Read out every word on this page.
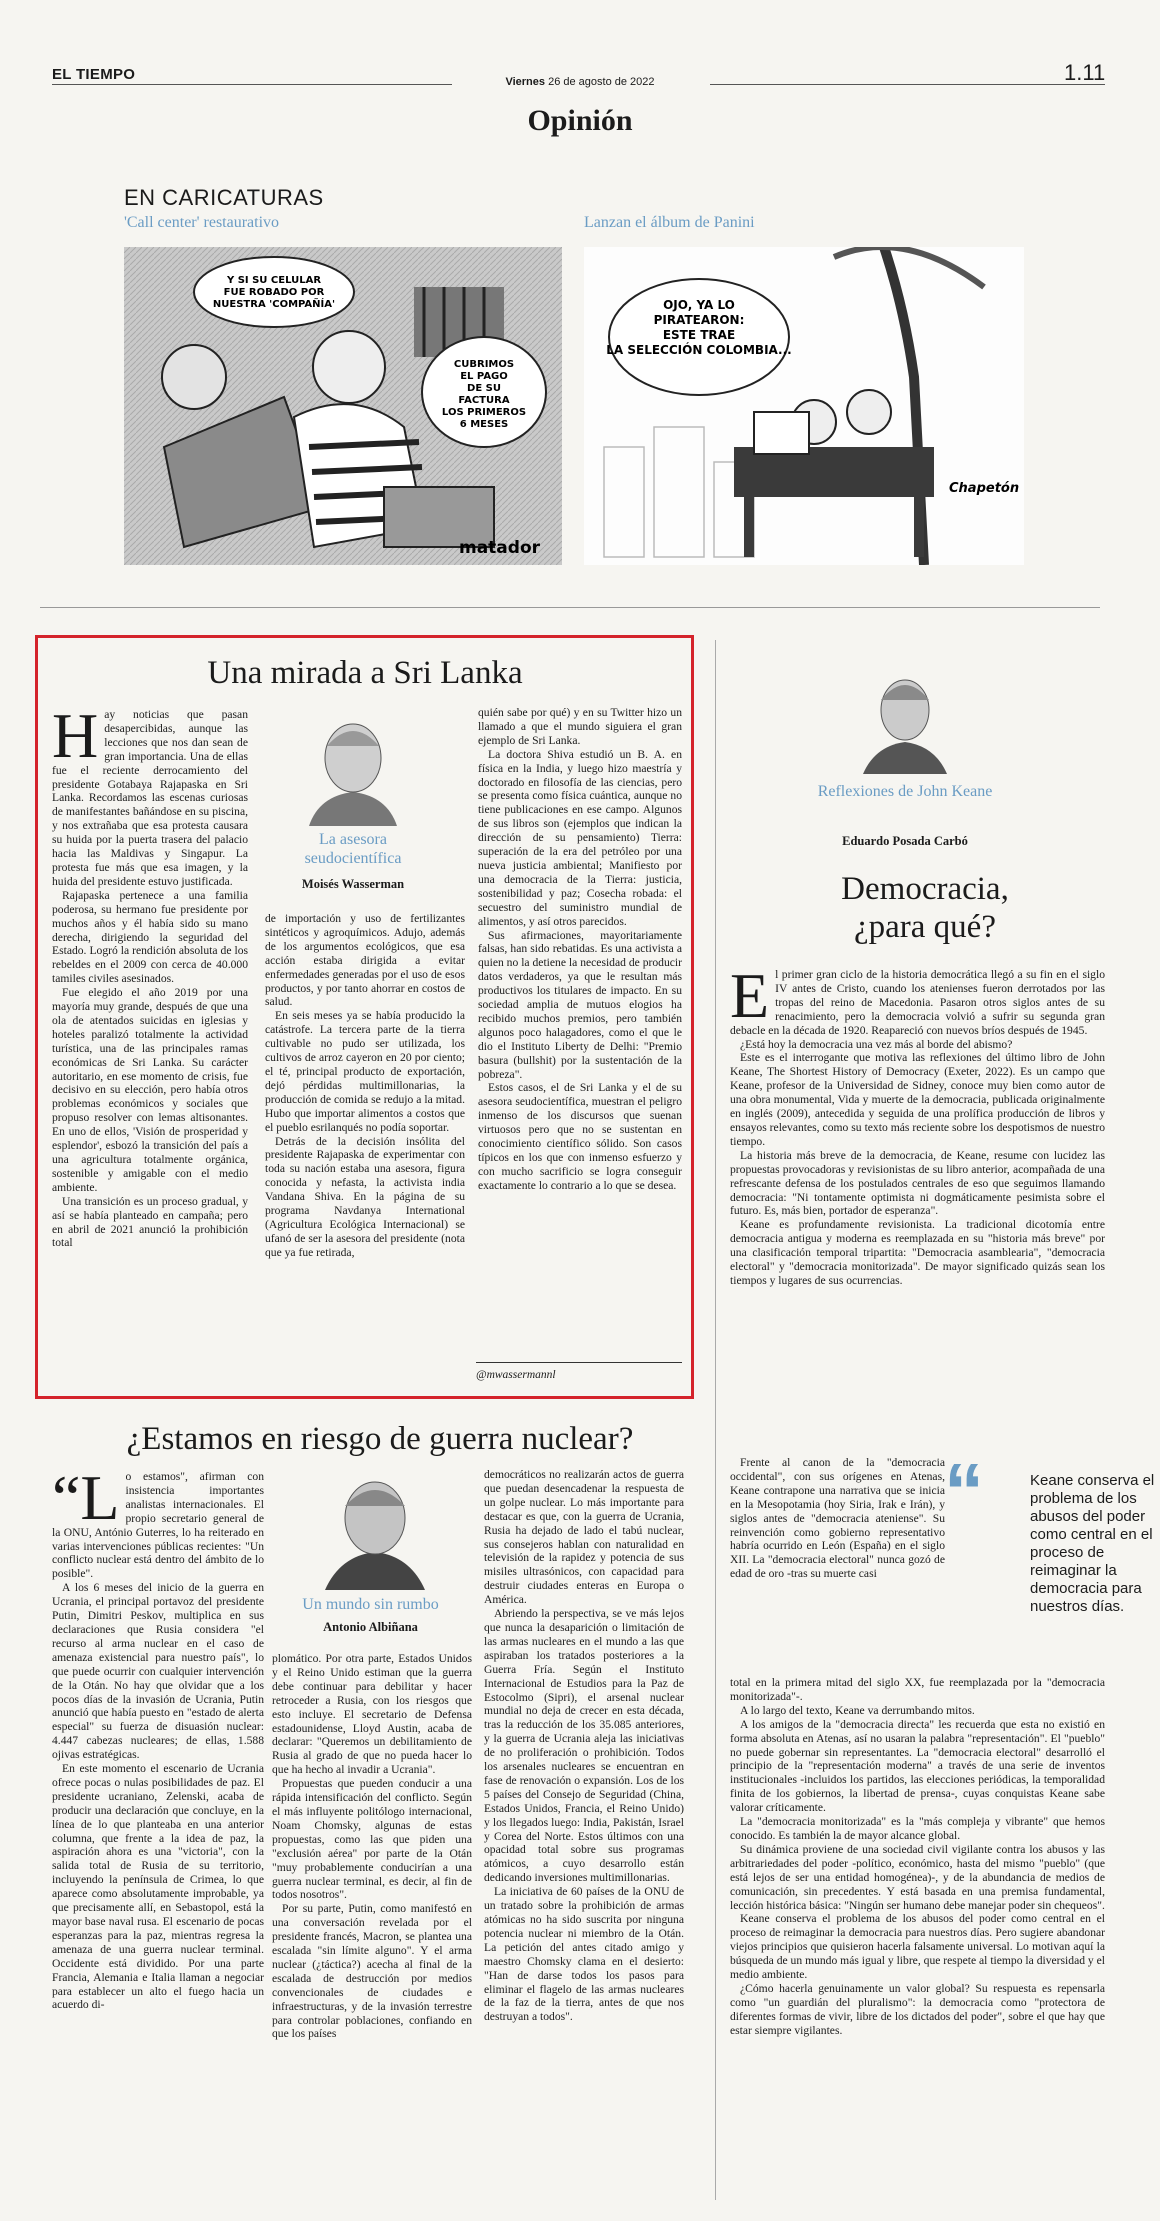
EL TIEMPO	Viernes 26 de agosto de 2022	1.11
Opinión
EN CARICATURAS
'Call center' restaurativo	Lanzan el álbum de Panini
Y SI SU CELULAR FUE ROBADO POR NUESTRA 'COMPAÑÍA'
CUBRIMOS EL PAGO DE SU FACTURA LOS PRIMEROS 6 MESES
matador
OJO, YA LO PIRATEARON: ESTE TRAE LA SELECCIÓN COLOMBIA...
Chapetón
Una mirada a Sri Lanka

Hay noticias que pasan desapercibidas, aunque las lecciones que nos dan sean de gran importancia. Una de ellas fue el reciente derrocamiento del presidente Gotabaya Rajapaska en Sri Lanka. Recordamos las escenas curiosas de manifestantes bañándose en su piscina, y nos extrañaba que esa protesta causara su huida por la puerta trasera del palacio hacia las Maldivas y Singapur. La protesta fue más que esa imagen, y la huida del presidente estuvo justificada.

Rajapaska pertenece a una familia poderosa, su hermano fue presidente por muchos años y él había sido su mano derecha, dirigiendo la seguridad del Estado. Logró la rendición absoluta de los rebeldes en el 2009 con cerca de 40.000 tamiles civiles asesinados.

Fue elegido el año 2019 por una mayoría muy grande, después de que una ola de atentados suicidas en iglesias y hoteles paralizó totalmente la actividad turística, una de las principales ramas económicas de Sri Lanka. Su carácter autoritario, en ese momento de crisis, fue decisivo en su elección, pero había otros problemas económicos y sociales que propuso resolver con lemas altisonantes. En uno de ellos, 'Visión de prosperidad y esplendor', esbozó la transición del país a una agricultura totalmente orgánica, sostenible y amigable con el medio ambiente.

Una transición es un proceso gradual, y así se había planteado en campaña; pero en abril de 2021 anunció la prohibición total

La asesora seudocientífica
Moisés Wasserman

de importación y uso de fertilizantes sintéticos y agroquímicos. Adujo, además de los argumentos ecológicos, que esa acción estaba dirigida a evitar enfermedades generadas por el uso de esos productos, y por tanto ahorrar en costos de salud.

En seis meses ya se había producido la catástrofe. La tercera parte de la tierra cultivable no pudo ser utilizada, los cultivos de arroz cayeron en 20 por ciento; el té, principal producto de exportación, dejó pérdidas multimillonarias, la producción de comida se redujo a la mitad. Hubo que importar alimentos a costos que el pueblo esrilanqués no podía soportar.

Detrás de la decisión insólita del presidente Rajapaska de experimentar con toda su nación estaba una asesora, figura conocida y nefasta, la activista india Vandana Shiva. En la página de su programa Navdanya International (Agricultura Ecológica Internacional) se ufanó de ser la asesora del presidente (nota que ya fue retirada,

quién sabe por qué) y en su Twitter hizo un llamado a que el mundo siguiera el gran ejemplo de Sri Lanka.

La doctora Shiva estudió un B. A. en física en la India, y luego hizo maestría y doctorado en filosofía de las ciencias, pero se presenta como física cuántica, aunque no tiene publicaciones en ese campo. Algunos de sus libros son (ejemplos que indican la dirección de su pensamiento) Tierra: superación de la era del petróleo por una nueva justicia ambiental; Manifiesto por una democracia de la Tierra: justicia, sostenibilidad y paz; Cosecha robada: el secuestro del suministro mundial de alimentos, y así otros parecidos.

Sus afirmaciones, mayoritariamente falsas, han sido rebatidas. Es una activista a quien no la detiene la necesidad de producir datos verdaderos, ya que le resultan más productivos los titulares de impacto. En su sociedad amplia de mutuos elogios ha recibido muchos premios, pero también algunos poco halagadores, como el que le dio el Instituto Liberty de Delhi: "Premio basura (bullshit) por la sustentación de la pobreza".

Estos casos, el de Sri Lanka y el de su asesora seudocientífica, muestran el peligro inmenso de los discursos que suenan virtuosos pero que no se sustentan en conocimiento científico sólido. Son casos típicos en los que con inmenso esfuerzo y con mucho sacrificio se logra conseguir exactamente lo contrario a lo que se desea.

@mwassermannl
¿Estamos en riesgo de guerra nuclear?

“Lo estamos", afirman con insistencia importantes analistas internacionales. El propio secretario general de la ONU, António Guterres, lo ha reiterado en varias intervenciones públicas recientes: "Un conflicto nuclear está dentro del ámbito de lo posible".

A los 6 meses del inicio de la guerra en Ucrania, el principal portavoz del presidente Putin, Dimitri Peskov, multiplica en sus declaraciones que Rusia considera "el recurso al arma nuclear en el caso de amenaza existencial para nuestro país", lo que puede ocurrir con cualquier intervención de la Otán. No hay que olvidar que a los pocos días de la invasión de Ucrania, Putin anunció que había puesto en "estado de alerta especial" su fuerza de disuasión nuclear: 4.447 cabezas nucleares; de ellas, 1.588 ojivas estratégicas.

En este momento el escenario de Ucrania ofrece pocas o nulas posibilidades de paz. El presidente ucraniano, Zelenski, acaba de producir una declaración que concluye, en la línea de lo que planteaba en una anterior columna, que frente a la idea de paz, la aspiración ahora es una "victoria", con la salida total de Rusia de su territorio, incluyendo la península de Crimea, lo que aparece como absolutamente improbable, ya que precisamente allí, en Sebastopol, está la mayor base naval rusa. El escenario de pocas esperanzas para la paz, mientras regresa la amenaza de una guerra nuclear terminal. Occidente está dividido. Por una parte Francia, Alemania e Italia llaman a negociar para establecer un alto el fuego hacia un acuerdo di-

Un mundo sin rumbo
Antonio Albiñana

plomático. Por otra parte, Estados Unidos y el Reino Unido estiman que la guerra debe continuar para debilitar y hacer retroceder a Rusia, con los riesgos que esto incluye. El secretario de Defensa estadounidense, Lloyd Austin, acaba de declarar: "Queremos un debilitamiento de Rusia al grado de que no pueda hacer lo que ha hecho al invadir a Ucrania".

Propuestas que pueden conducir a una rápida intensificación del conflicto. Según el más influyente politólogo internacional, Noam Chomsky, algunas de estas propuestas, como las que piden una "exclusión aérea" por parte de la Otán "muy probablemente conducirían a una guerra nuclear terminal, es decir, al fin de todos nosotros".

Por su parte, Putin, como manifestó en una conversación revelada por el presidente francés, Macron, se plantea una escalada "sin límite alguno". Y el arma nuclear (¿táctica?) acecha al final de la escalada de destrucción por medios convencionales de ciudades e infraestructuras, y de la invasión terrestre para controlar poblaciones, confiando en que los países

democráticos no realizarán actos de guerra que puedan desencadenar la respuesta de un golpe nuclear. Lo más importante para destacar es que, con la guerra de Ucrania, Rusia ha dejado de lado el tabú nuclear, sus consejeros hablan con naturalidad en televisión de la rapidez y potencia de sus misiles ultrasónicos, con capacidad para destruir ciudades enteras en Europa o América.

Abriendo la perspectiva, se ve más lejos que nunca la desaparición o limitación de las armas nucleares en el mundo a las que aspiraban los tratados posteriores a la Guerra Fría. Según el Instituto Internacional de Estudios para la Paz de Estocolmo (Sipri), el arsenal nuclear mundial no deja de crecer en esta década, tras la reducción de los 35.085 anteriores, y la guerra de Ucrania aleja las iniciativas de no proliferación o prohibición. Todos los arsenales nucleares se encuentran en fase de renovación o expansión. Los de los 5 países del Consejo de Seguridad (China, Estados Unidos, Francia, el Reino Unido) y los llegados luego: India, Pakistán, Israel y Corea del Norte. Estos últimos con una opacidad total sobre sus programas atómicos, a cuyo desarrollo están dedicando inversiones multimillonarias.

La iniciativa de 60 países de la ONU de un tratado sobre la prohibición de armas atómicas no ha sido suscrita por ninguna potencia nuclear ni miembro de la Otán. La petición del antes citado amigo y maestro Chomsky clama en el desierto: "Han de darse todos los pasos para eliminar el flagelo de las armas nucleares de la faz de la tierra, antes de que nos destruyan a todos".

Reflexiones de John Keane
Eduardo Posada Carbó
Democracia,
¿para qué?

El primer gran ciclo de la historia democrática llegó a su fin en el siglo IV antes de Cristo, cuando los atenienses fueron derrotados por las tropas del reino de Macedonia. Pasaron otros siglos antes de su renacimiento, pero la democracia volvió a sufrir su segunda gran debacle en la década de 1920. Reapareció con nuevos bríos después de 1945.

¿Está hoy la democracia una vez más al borde del abismo?

Este es el interrogante que motiva las reflexiones del último libro de John Keane, The Shortest History of Democracy (Exeter, 2022). Es un campo que Keane, profesor de la Universidad de Sidney, conoce muy bien como autor de una obra monumental, Vida y muerte de la democracia, publicada originalmente en inglés (2009), antecedida y seguida de una prolífica producción de libros y ensayos relevantes, como su texto más reciente sobre los despotismos de nuestro tiempo.

La historia más breve de la democracia, de Keane, resume con lucidez las propuestas provocadoras y revisionistas de su libro anterior, acompañada de una refrescante defensa de los postulados centrales de eso que seguimos llamando democracia: "Ni tontamente optimista ni dogmáticamente pesimista sobre el futuro. Es, más bien, portador de esperanza".

Keane es profundamente revisionista. La tradicional dicotomía entre democracia antigua y moderna es reemplazada en su "historia más breve" por una clasificación temporal tripartita: "Democracia asamblearia", "democracia electoral" y "democracia monitorizada". De mayor significado quizás sean los tiempos y lugares de sus ocurrencias.

Frente al canon de la "democracia occidental", con sus orígenes en Atenas, Keane contrapone una narrativa que se inicia en la Mesopotamia (hoy Siria, Irak e Irán), y siglos antes de "democracia ateniense". Su reinvención como gobierno representativo habría ocurrido en León (España) en el siglo XII. La "democracia electoral" nunca gozó de edad de oro -tras su muerte casi

“	Keane conserva el problema de los abusos del poder como central en el proceso de reimaginar la democracia para nuestros días.

total en la primera mitad del siglo XX, fue reemplazada por la "democracia monitorizada"-.

A lo largo del texto, Keane va derrumbando mitos.

A los amigos de la "democracia directa" les recuerda que esta no existió en forma absoluta en Atenas, así no usaran la palabra "representación". El "pueblo" no puede gobernar sin representantes. La "democracia electoral" desarrolló el principio de la "representación moderna" a través de una serie de inventos institucionales -incluidos los partidos, las elecciones periódicas, la temporalidad finita de los gobiernos, la libertad de prensa-, cuyas conquistas Keane sabe valorar críticamente.

La "democracia monitorizada" es la "más compleja y vibrante" que hemos conocido. Es también la de mayor alcance global.

Su dinámica proviene de una sociedad civil vigilante contra los abusos y las arbitrariedades del poder -político, económico, hasta del mismo "pueblo" (que está lejos de ser una entidad homogénea)-, y de la abundancia de medios de comunicación, sin precedentes. Y está basada en una premisa fundamental, lección histórica básica: "Ningún ser humano debe manejar poder sin chequeos".

Keane conserva el problema de los abusos del poder como central en el proceso de reimaginar la democracia para nuestros días. Pero sugiere abandonar viejos principios que quisieron hacerla falsamente universal. Lo motivan aquí la búsqueda de un mundo más igual y libre, que respete al tiempo la diversidad y el medio ambiente.

¿Cómo hacerla genuinamente un valor global? Su respuesta es repensarla como "un guardián del pluralismo": la democracia como "protectora de diferentes formas de vivir, libre de los dictados del poder", sobre el que hay que estar siempre vigilantes.
